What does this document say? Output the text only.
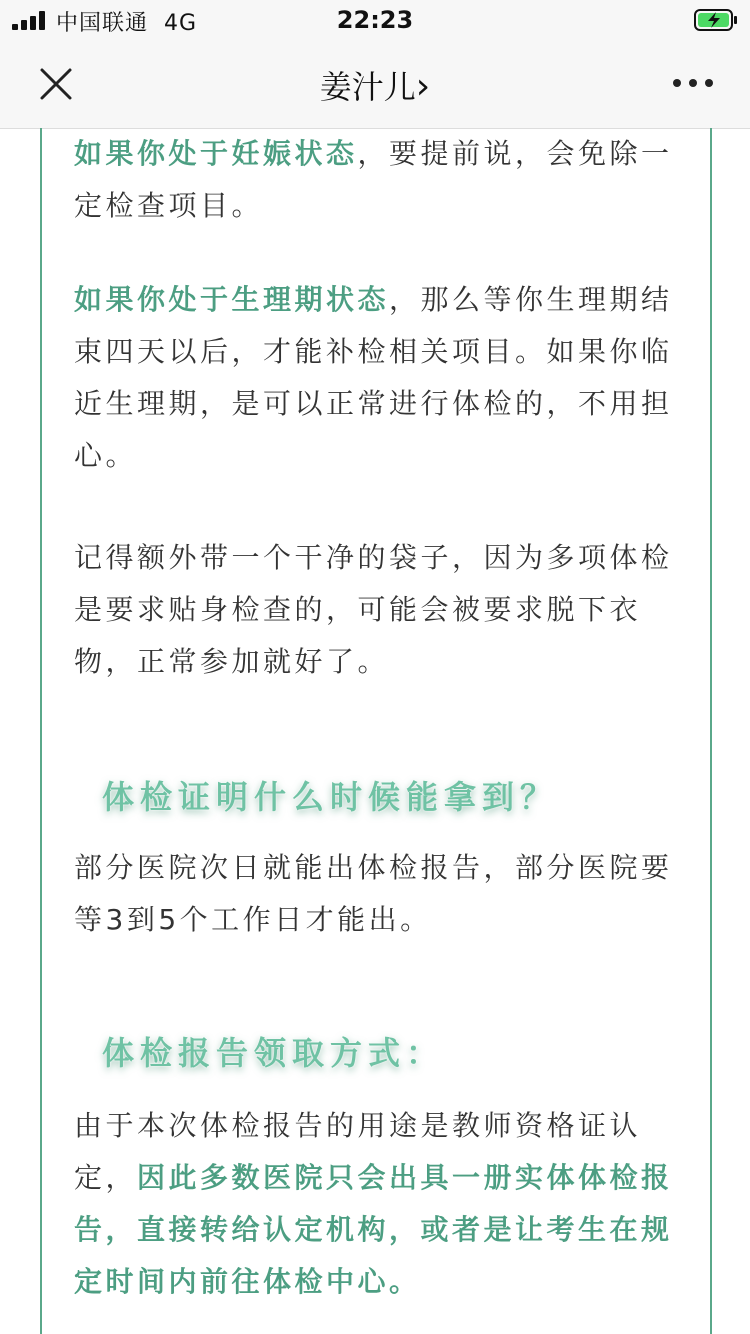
中国联通 4G	22:23
姜汁儿›
如果你处于妊娠状态，要提前说，会免除一定检查项目。
如果你处于生理期状态，那么等你生理期结束四天以后，才能补检相关项目。如果你临近生理期，是可以正常进行体检的，不用担心。
记得额外带一个干净的袋子，因为多项体检是要求贴身检查的，可能会被要求脱下衣物，正常参加就好了。
体检证明什么时候能拿到？
部分医院次日就能出体检报告，部分医院要等3到5个工作日才能出。
体检报告领取方式：
由于本次体检报告的用途是教师资格证认定，因此多数医院只会出具一册实体体检报告，直接转给认定机构，或者是让考生在规定时间内前往体检中心。
